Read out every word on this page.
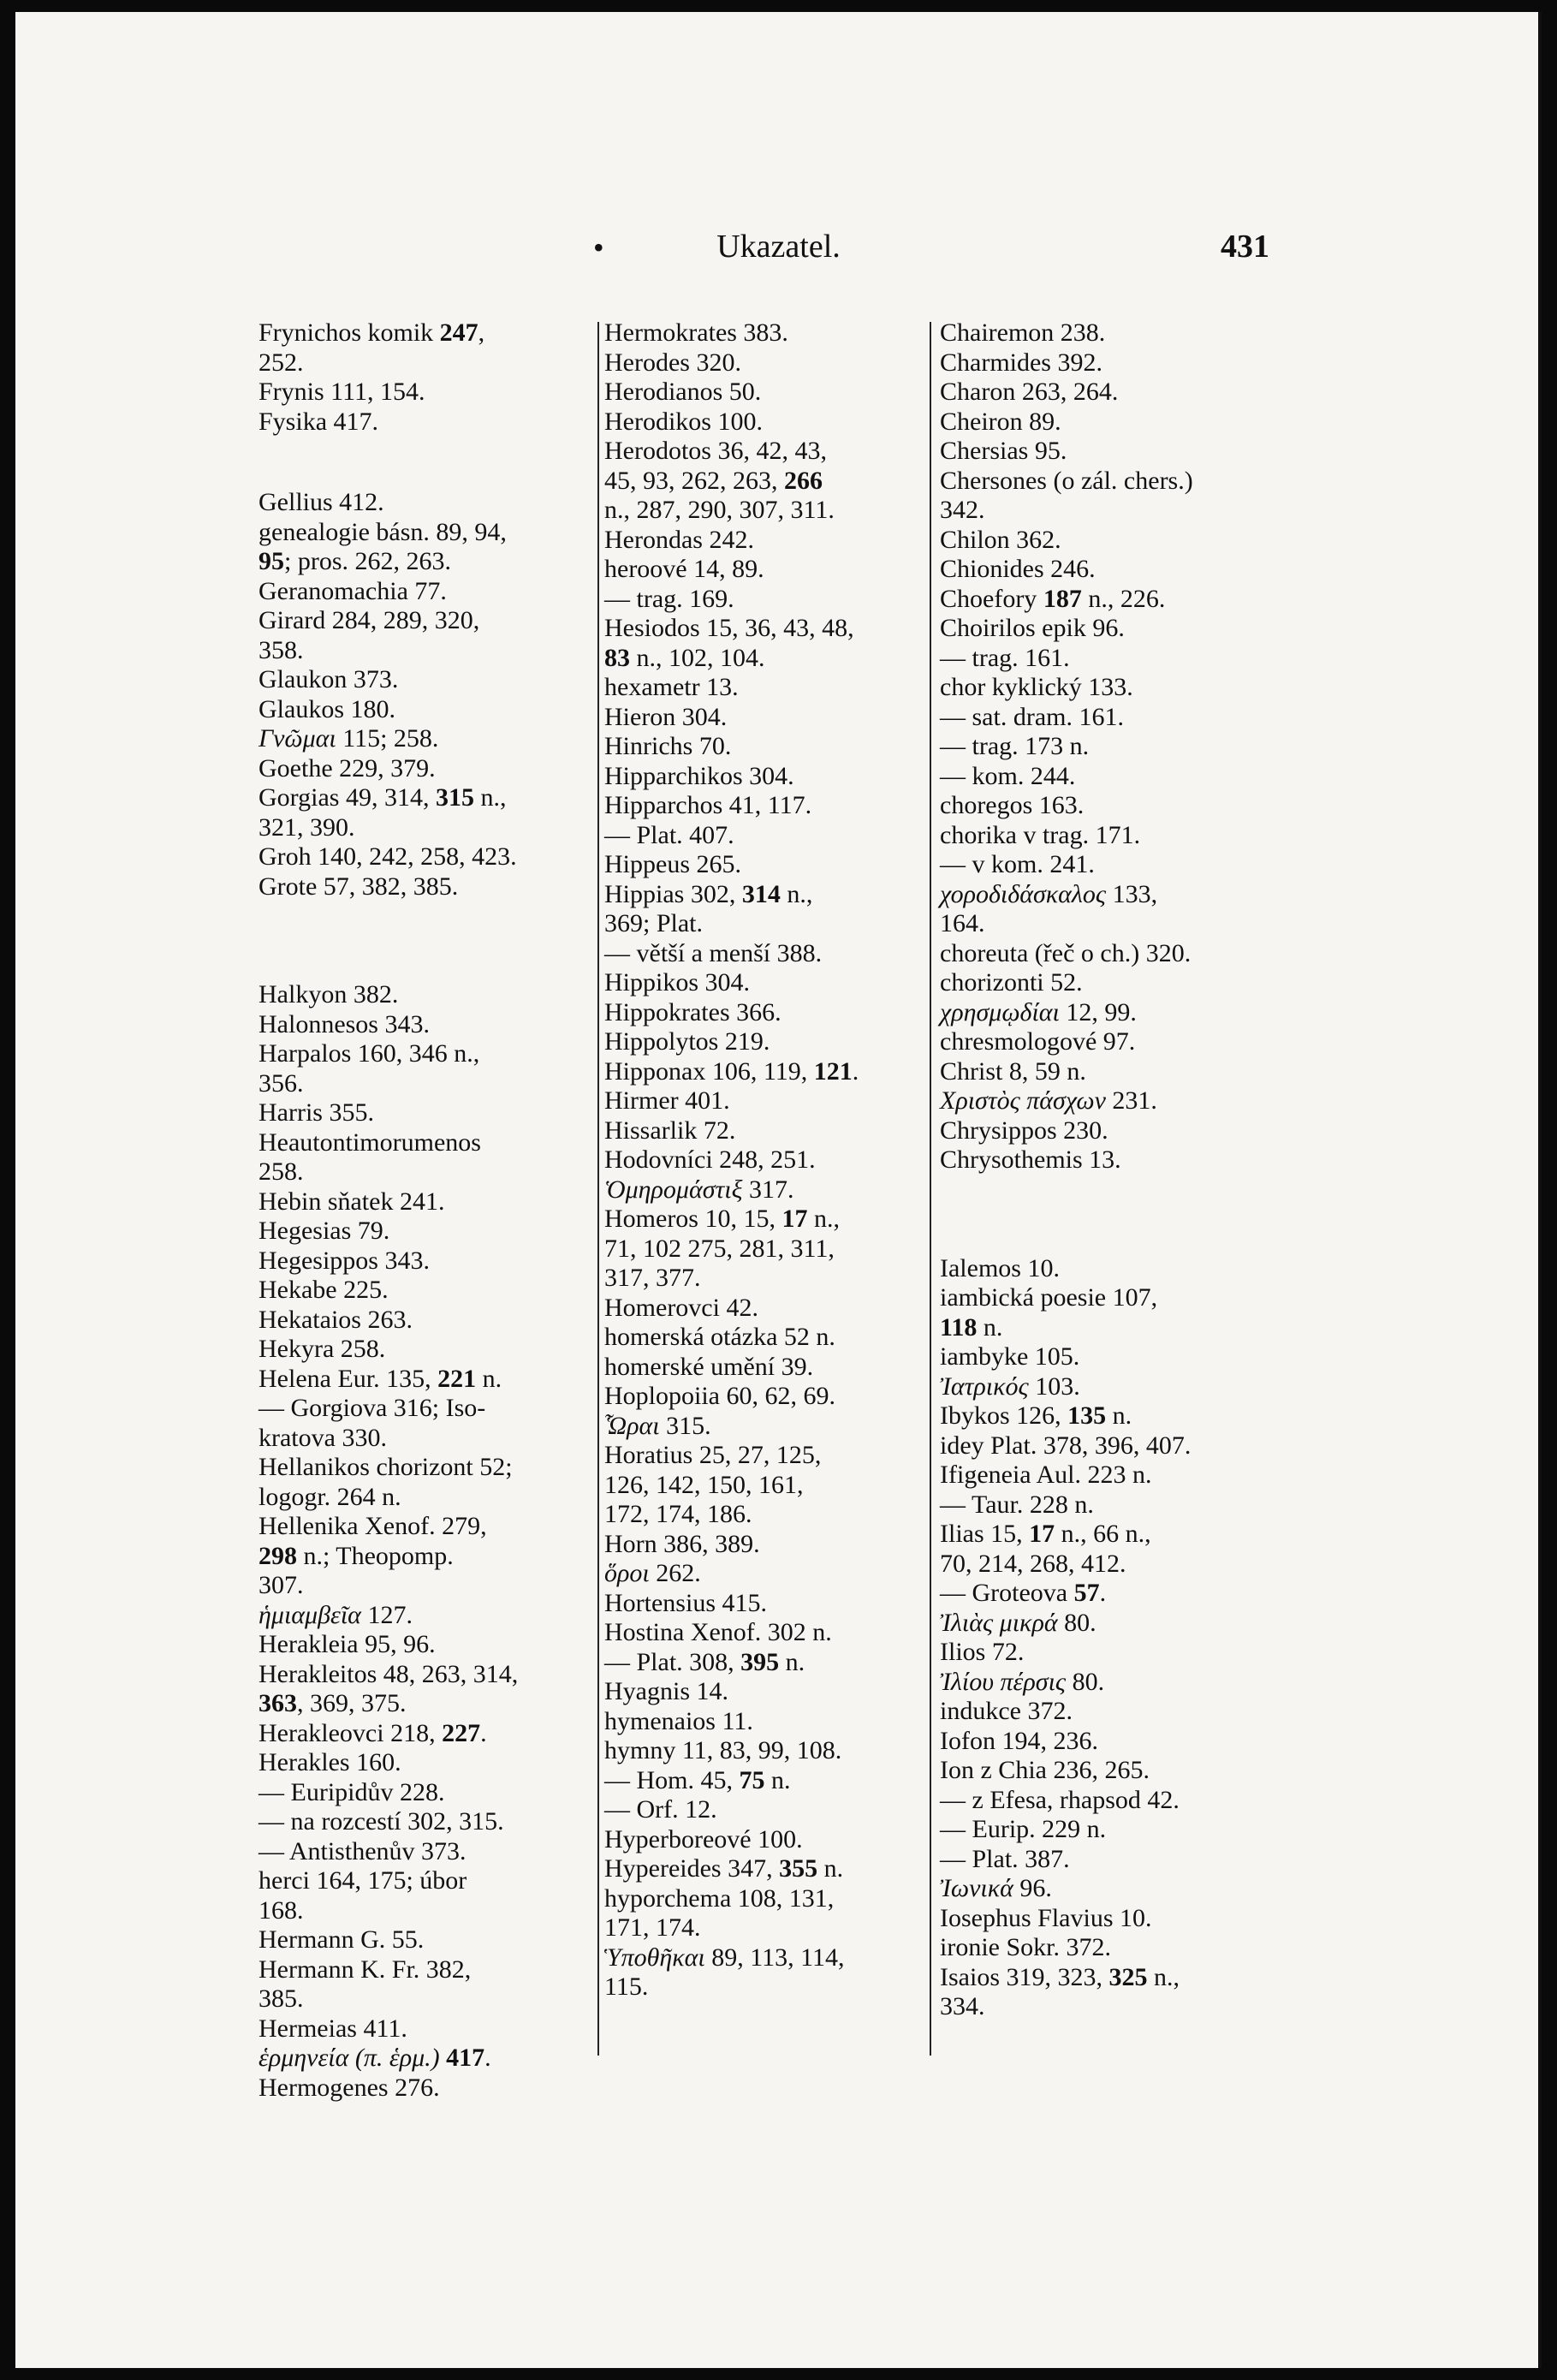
•	Ukazatel.	431
Frynichos komik 247,
252.
Frynis 111, 154.
Fysika 417.
Gellius 412.
genealogie básn. 89, 94,
95; pros. 262, 263.
Geranomachia 77.
Girard 284, 289, 320,
358.
Glaukon 373.
Glaukos 180.
Γνῶμαι 115; 258.
Goethe 229, 379.
Gorgias 49, 314, 315 n.,
321, 390.
Groh 140, 242, 258, 423.
Grote 57, 382, 385.
Halkyon 382.
Halonnesos 343.
Harpalos 160, 346 n.,
356.
Harris 355.
Heautontimorumenos
258.
Hebin sňatek 241.
Hegesias 79.
Hegesippos 343.
Hekabe 225.
Hekataios 263.
Hekyra 258.
Helena Eur. 135, 221 n.
— Gorgiova 316; Iso-
kratova 330.
Hellanikos chorizont 52;
logogr. 264 n.
Hellenika Xenof. 279,
298 n.; Theopomp.
307.
ἡμιαμβεῖα 127.
Herakleia 95, 96.
Herakleitos 48, 263, 314,
363, 369, 375.
Herakleovci 218, 227.
Herakles 160.
— Euripidův 228.
— na rozcestí 302, 315.
— Antisthenův 373.
herci 164, 175; úbor
168.
Hermann G. 55.
Hermann K. Fr. 382,
385.
Hermeias 411.
ἑρμηνεία (π. ἑρμ.) 417.
Hermogenes 276.
Hermokrates 383.
Herodes 320.
Herodianos 50.
Herodikos 100.
Herodotos 36, 42, 43,
45, 93, 262, 263, 266
n., 287, 290, 307, 311.
Herondas 242.
heroové 14, 89.
— trag. 169.
Hesiodos 15, 36, 43, 48,
83 n., 102, 104.
hexametr 13.
Hieron 304.
Hinrichs 70.
Hipparchikos 304.
Hipparchos 41, 117.
— Plat. 407.
Hippeus 265.
Hippias 302, 314 n.,
369; Plat.
— větší a menší 388.
Hippikos 304.
Hippokrates 366.
Hippolytos 219.
Hipponax 106, 119, 121.
Hirmer 401.
Hissarlik 72.
Hodovníci 248, 251.
Ὁμηρομάστιξ 317.
Homeros 10, 15, 17 n.,
71, 102 275, 281, 311,
317, 377.
Homerovci 42.
homerská otázka 52 n.
homerské umění 39.
Hoplopoiia 60, 62, 69.
Ὧραι 315.
Horatius 25, 27, 125,
126, 142, 150, 161,
172, 174, 186.
Horn 386, 389.
ὅροι 262.
Hortensius 415.
Hostina Xenof. 302 n.
— Plat. 308, 395 n.
Hyagnis 14.
hymenaios 11.
hymny 11, 83, 99, 108.
— Hom. 45, 75 n.
— Orf. 12.
Hyperboreové 100.
Hypereides 347, 355 n.
hyporchema 108, 131,
171, 174.
Ὑποθῆκαι 89, 113, 114,
115.
Chairemon 238.
Charmides 392.
Charon 263, 264.
Cheiron 89.
Chersias 95.
Chersones (o zál. chers.)
342.
Chilon 362.
Chionides 246.
Choefory 187 n., 226.
Choirilos epik 96.
— trag. 161.
chor kyklický 133.
— sat. dram. 161.
— trag. 173 n.
— kom. 244.
choregos 163.
chorika v trag. 171.
— v kom. 241.
χοροδιδάσκαλος 133,
164.
choreuta (řeč o ch.) 320.
chorizonti 52.
χρησμῳδίαι 12, 99.
chresmologové 97.
Christ 8, 59 n.
Χριστὸς πάσχων 231.
Chrysippos 230.
Chrysothemis 13.
Ialemos 10.
iambická poesie 107,
118 n.
iambyke 105.
Ἰατρικός 103.
Ibykos 126, 135 n.
idey Plat. 378, 396, 407.
Ifigeneia Aul. 223 n.
— Taur. 228 n.
Ilias 15, 17 n., 66 n.,
70, 214, 268, 412.
— Groteova 57.
Ἰλιὰς μικρά 80.
Ilios 72.
Ἰλίου πέρσις 80.
indukce 372.
Iofon 194, 236.
Ion z Chia 236, 265.
— z Efesa, rhapsod 42.
— Eurip. 229 n.
— Plat. 387.
Ἰωνικά 96.
Iosephus Flavius 10.
ironie Sokr. 372.
Isaios 319, 323, 325 n.,
334.
